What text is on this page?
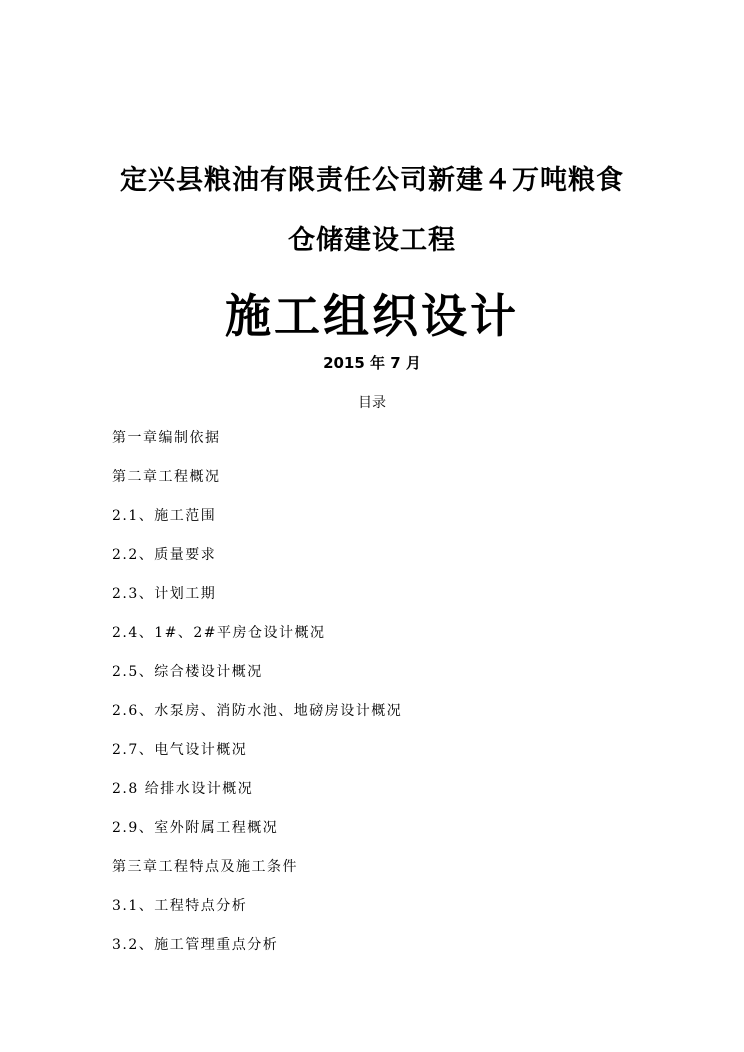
定兴县粮油有限责任公司新建４万吨粮食
仓储建设工程
施工组织设计
2015 年 7 月
目录
第一章编制依据
第二章工程概况
2.1、施工范围
2.2、质量要求
2.3、计划工期
2.4、1#、2#平房仓设计概况
2.5、综合楼设计概况
2.6、水泵房、消防水池、地磅房设计概况
2.7、电气设计概况
2.8 给排水设计概况
2.9、室外附属工程概况
第三章工程特点及施工条件
3.1、工程特点分析
3.2、施工管理重点分析
